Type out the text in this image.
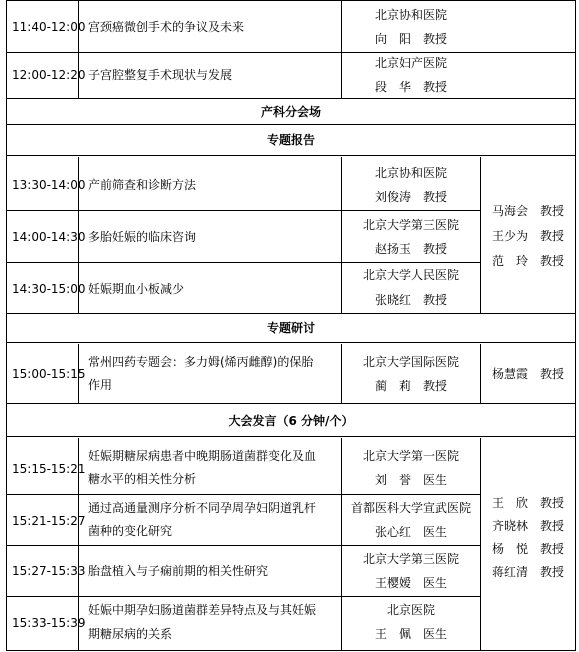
11:40-12:00 宫颈癌微创手术的争议及未来
北京协和医院
向　阳　教授
12:00-12:20 子宫腔整复手术现状与发展
北京妇产医院
段　华　教授
产科分会场
专题报告
13:30-14:00 产前筛查和诊断方法
北京协和医院
刘俊涛　教授
14:00-14:30 多胎妊娠的临床咨询
北京大学第三医院
赵扬玉　教授
14:30-15:00 妊娠期血小板减少
北京大学人民医院
张晓红　教授
马海会　教授
王少为　教授
范　玲　教授
专题研讨
15:00-15:15
常州四药专题会：多力姆(烯丙雌醇)的保胎
作用
北京大学国际医院
蔺　莉　教授
杨慧霞　教授
大会发言（6 分钟/个）
15:15-15:21
妊娠期糖尿病患者中晚期肠道菌群变化及血
糖水平的相关性分析
北京大学第一医院
刘　誉　医生
15:21-15:27
通过高通量测序分析不同孕周孕妇阴道乳杆
菌种的变化研究
首都医科大学宣武医院
张心红　医生
15:27-15:33 胎盘植入与子痫前期的相关性研究
北京大学第三医院
王樱嫒　医生
15:33-15:39
妊娠中期孕妇肠道菌群差异特点及与其妊娠
期糖尿病的关系
北京医院
王　佩　医生
王　欣　教授
齐晓林　教授
杨　悦　教授
蒋红清　教授
